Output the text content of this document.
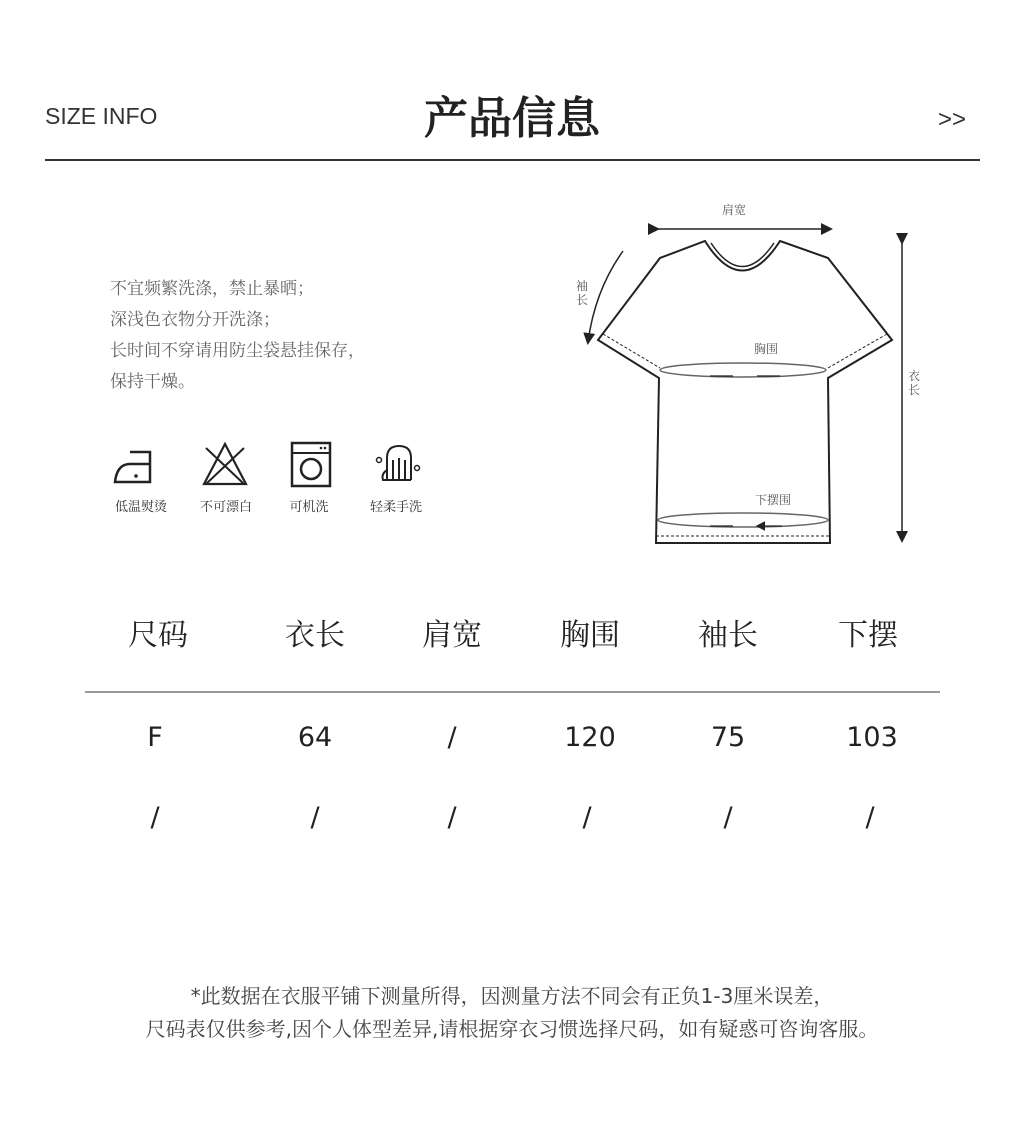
SIZE INFO	产品信息	>>
不宜频繁洗涤，禁止暴晒；
深浅色衣物分开洗涤；
长时间不穿请用防尘袋悬挂保存，
保持干燥。
低温熨烫	不可漂白	可机洗	轻柔手洗
肩宽
袖
长
胸围
衣
长
下摆围
尺码	衣长	肩宽	胸围	袖长	下摆
F	64	/	120	75	103
/	/	/	/	/	/
*此数据在衣服平铺下测量所得，因测量方法不同会有正负1-3厘米误差，
尺码表仅供参考,因个人体型差异,请根据穿衣习惯选择尺码，如有疑惑可咨询客服。
